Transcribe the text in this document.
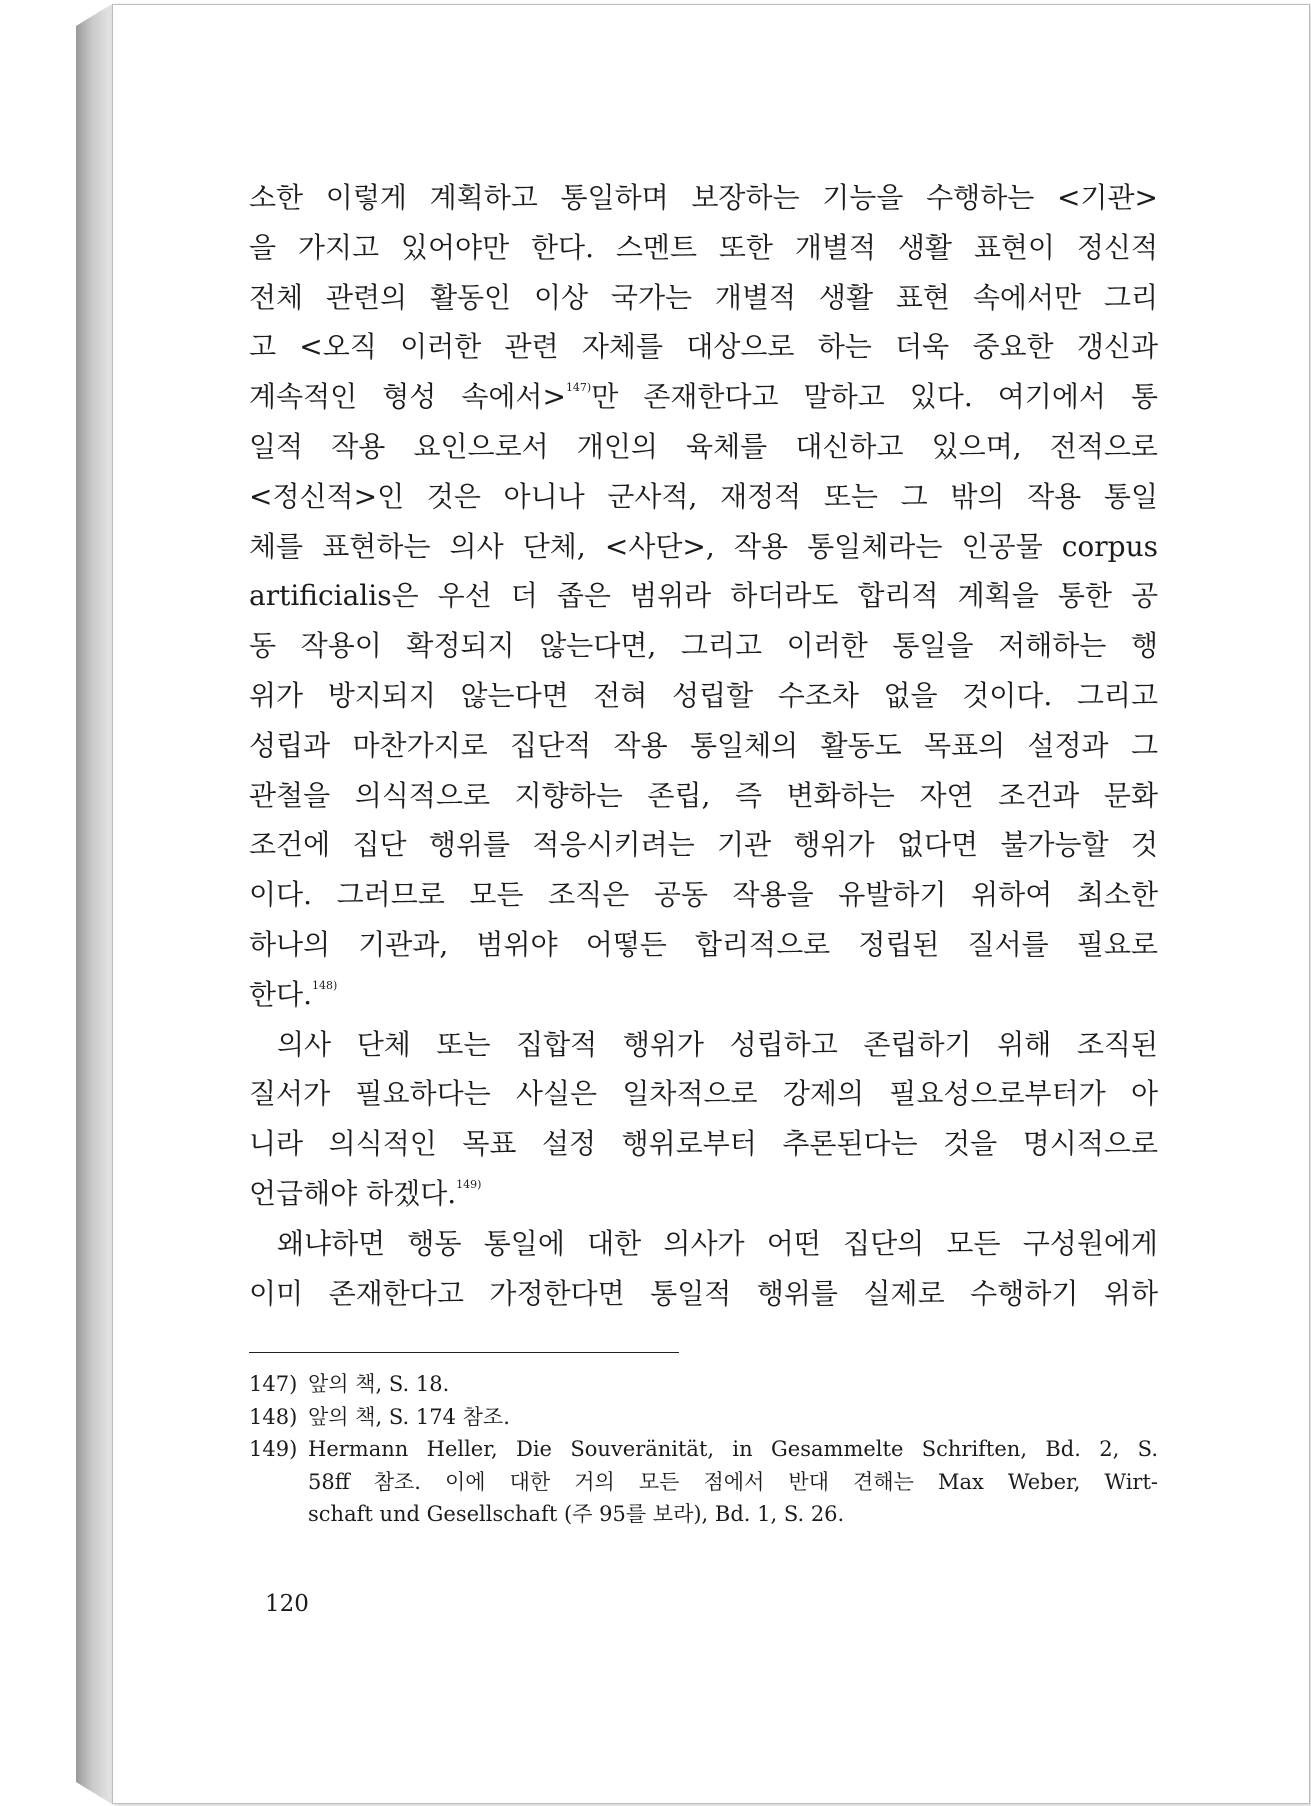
소한 이렇게 계획하고 통일하며 보장하는 기능을 수행하는 <기관>
을 가지고 있어야만 한다. 스멘트 또한 개별적 생활 표현이 정신적
전체 관련의 활동인 이상 국가는 개별적 생활 표현 속에서만 그리
고 <오직 이러한 관련 자체를 대상으로 하는 더욱 중요한 갱신과
계속적인 형성 속에서>$^{147)}$만 존재한다고 말하고 있다. 여기에서 통
일적 작용 요인으로서 개인의 육체를 대신하고 있으며, 전적으로
<정신적>인 것은 아니나 군사적, 재정적 또는 그 밖의 작용 통일
체를 표현하는 의사 단체, <사단>, 작용 통일체라는 인공물 corpus
artificialis은 우선 더 좁은 범위라 하더라도 합리적 계획을 통한 공
동 작용이 확정되지 않는다면, 그리고 이러한 통일을 저해하는 행
위가 방지되지 않는다면 전혀 성립할 수조차 없을 것이다. 그리고
성립과 마찬가지로 집단적 작용 통일체의 활동도 목표의 설정과 그
관철을 의식적으로 지향하는 존립, 즉 변화하는 자연 조건과 문화
조건에 집단 행위를 적응시키려는 기관 행위가 없다면 불가능할 것
이다. 그러므로 모든 조직은 공동 작용을 유발하기 위하여 최소한
하나의 기관과, 범위야 어떻든 합리적으로 정립된 질서를 필요로
한다.$^{148)}$
의사 단체 또는 집합적 행위가 성립하고 존립하기 위해 조직된
질서가 필요하다는 사실은 일차적으로 강제의 필요성으로부터가 아
니라 의식적인 목표 설정 행위로부터 추론된다는 것을 명시적으로
언급해야 하겠다.$^{149)}$
왜냐하면 행동 통일에 대한 의사가 어떤 집단의 모든 구성원에게
이미 존재한다고 가정한다면 통일적 행위를 실제로 수행하기 위하
147) 앞의 책, S. 18.
148) 앞의 책, S. 174 참조.
149) Hermann Heller, Die Souveränität, in Gesammelte Schriften, Bd. 2, S.
58ff 참조. 이에 대한 거의 모든 점에서 반대 견해는 Max Weber, Wirt-
schaft und Gesellschaft (주 95를 보라), Bd. 1, S. 26.
120
